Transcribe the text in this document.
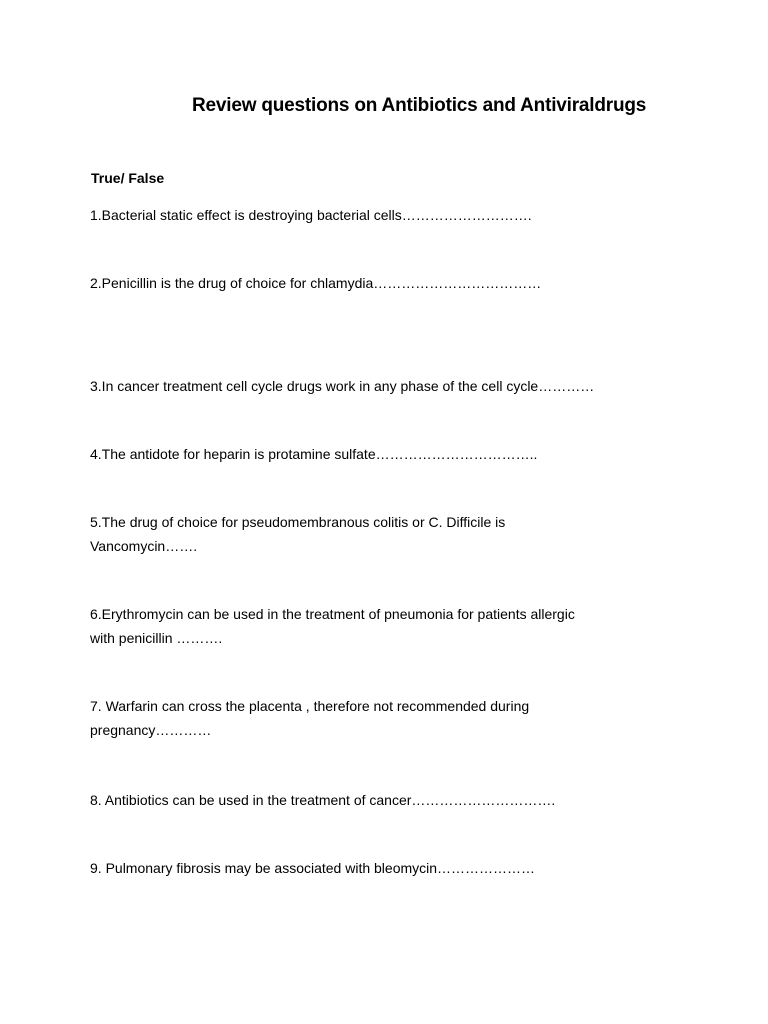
Review questions on Antibiotics and Antiviraldrugs
True/ False
1.Bacterial static effect is destroying bacterial cells……………………….
2.Penicillin is the drug of choice for chlamydia………………………………
3.In cancer treatment cell cycle drugs work in any phase of the cell cycle…………
4.The antidote for heparin is protamine sulfate……………………………..
5.The drug of choice for pseudomembranous colitis or C. Difficile is
Vancomycin…….
6.Erythromycin can be used in the treatment of pneumonia for patients allergic
with penicillin ……….
7. Warfarin can cross the placenta , therefore not recommended during
pregnancy…………
8. Antibiotics can be used in the treatment of cancer………………………….
9. Pulmonary fibrosis may be associated with bleomycin…………………
